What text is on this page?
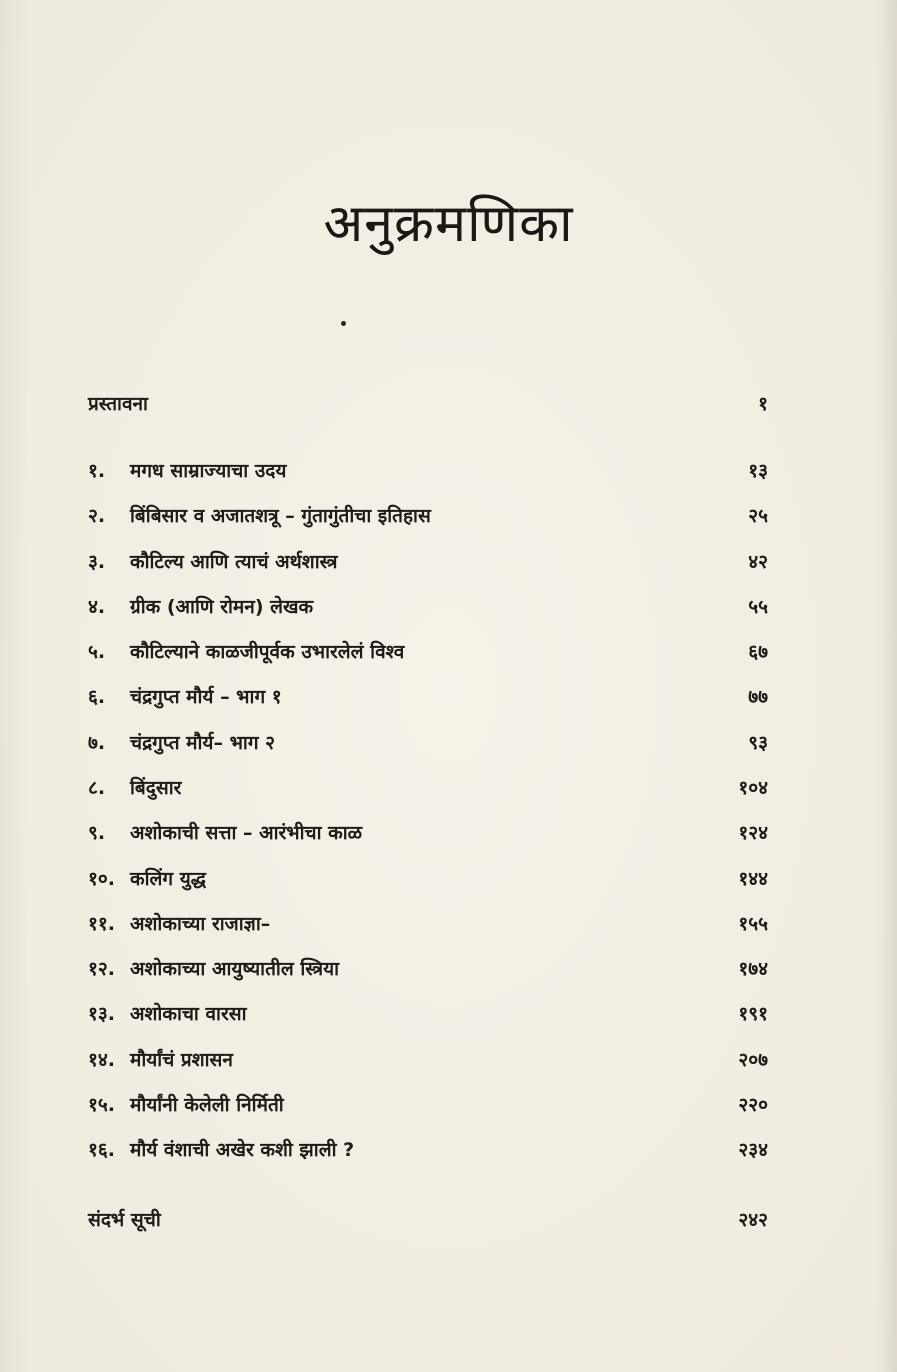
अनुक्रमणिका
प्रस्तावना	१
१.	मगध साम्राज्याचा उदय	१३
२.	बिंबिसार व अजातशत्रू – गुंतागुंतीचा इतिहास	२५
३.	कौटिल्य आणि त्याचं अर्थशास्त्र	४२
४.	ग्रीक (आणि रोमन) लेखक	५५
५.	कौटिल्याने काळजीपूर्वक उभारलेलं विश्व	६७
६.	चंद्रगुप्त मौर्य – भाग १	७७
७.	चंद्रगुप्त मौर्य– भाग २	९३
८.	बिंदुसार	१०४
९.	अशोकाची सत्ता – आरंभीचा काळ	१२४
१०. कलिंग युद्ध	१४४
११. अशोकाच्या राजाज्ञा–	१५५
१२. अशोकाच्या आयुष्यातील स्त्रिया	१७४
१३. अशोकाचा वारसा	१९१
१४. मौर्यांचं प्रशासन	२०७
१५. मौर्यांनी केलेली निर्मिती	२२०
१६. मौर्य वंशाची अखेर कशी झाली ?	२३४
संदर्भ सूची	२४२
